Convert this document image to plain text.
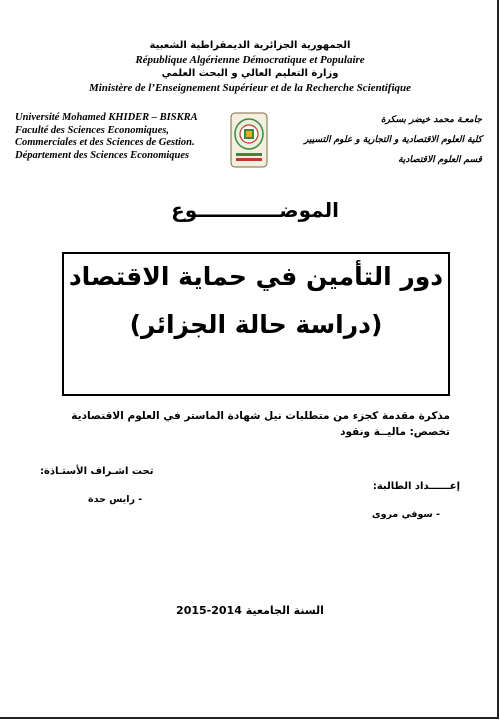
الجمهورية الجزائرية الديمقراطية الشعبية
République Algérienne Démocratique et Populaire
وزارة التعليم العالي و البحث العلمي
Ministère de l’Enseignement Supérieur et de la Recherche Scientifique
Université Mohamed KHIDER – BISKRA
Faculté des Sciences Economiques,
Commerciales et des Sciences de Gestion.
Département des Sciences Economiques
جامعـة محمد خيضر بسكرة
كلية العلوم الاقتصادية و التجارية و علوم التسيير
قسم العلوم الاقتصادية
الموضــــــــــــوع
دور التأمين في حماية الاقتصاد
(دراسة حالة الجزائر)
مذكرة مقدمة كجزء من متطلبات نيل شهادة الماستر في العلوم الاقتصادية
تخصص: ماليــة ونقود
تحت اشـراف الأستـاذة:
- رايس حدة
إعــــــداد الطالبة:
- سوفي مروى
السنة الجامعية 2014-2015
